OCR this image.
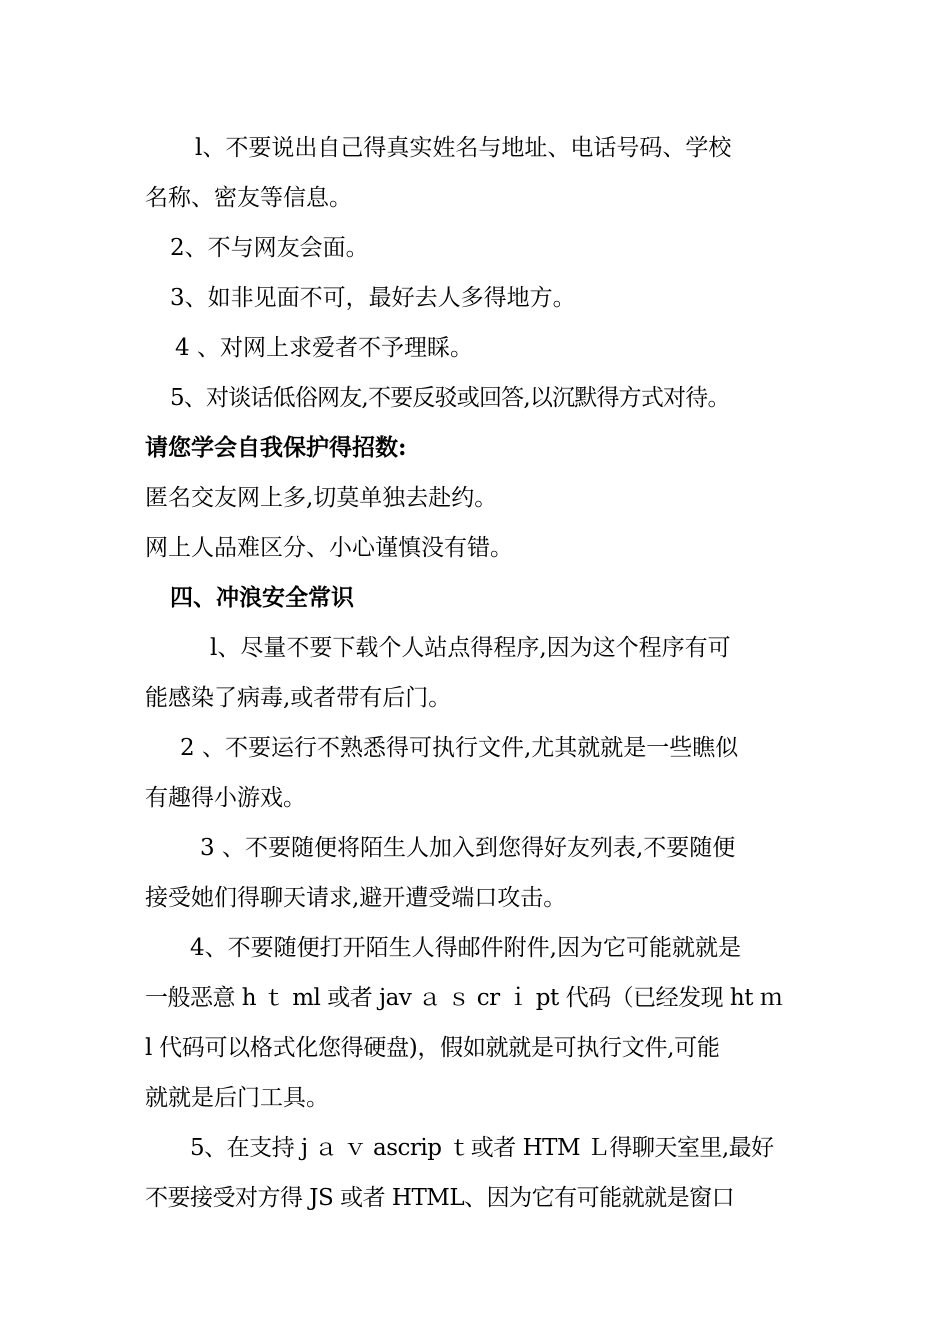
l、不要说出自己得真实姓名与地址、电话号码、学校
名称、密友等信息。
2、不与网友会面。
3、如非见面不可，最好去人多得地方。
4 、对网上求爱者不予理睬。
5、对谈话低俗网友,不要反驳或回答,以沉默得方式对待。
请您学会自我保护得招数:
匿名交友网上多,切莫单独去赴约。
网上人品难区分、小心谨慎没有错。
四、冲浪安全常识
l、尽量不要下载个人站点得程序,因为这个程序有可
能感染了病毒,或者带有后门。
2 、不要运行不熟悉得可执行文件,尤其就就是一些瞧似
有趣得小游戏。
3 、不要随便将陌生人加入到您得好友列表,不要随便
接受她们得聊天请求,避开遭受端口攻击。
4、不要随便打开陌生人得邮件附件,因为它可能就就是
一般恶意 h ｔ ml 或者 jav ａ ｓ cr ｉ pt 代码（已经发现 ht ｍ
l 代码可以格式化您得硬盘)，假如就就是可执行文件,可能
就就是后门工具。
5、在支持 j ａ ｖ ascrip ｔ或者 HTM Ｌ得聊天室里,最好
不要接受对方得 JS 或者 HTML、因为它有可能就就是窗口
